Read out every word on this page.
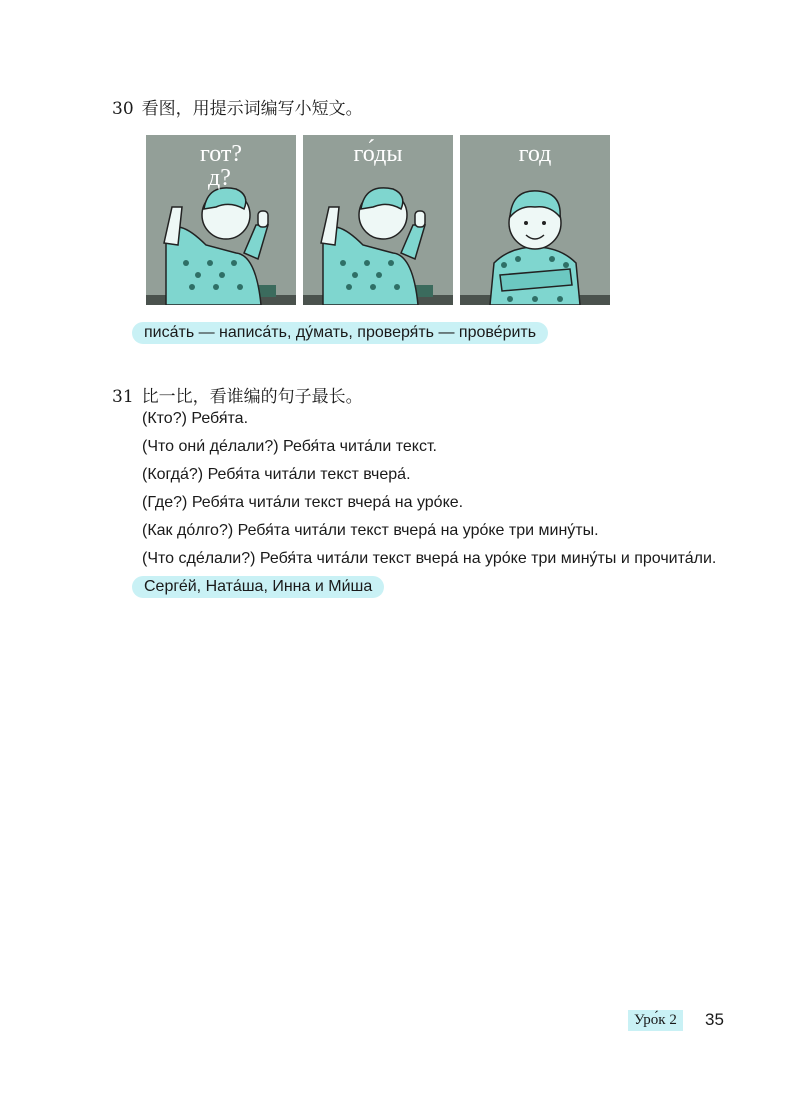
30 看图，用提示词编写小短文。
гот?
д?
го́ды	год
писа́ть — написа́ть, ду́мать, проверя́ть — прове́рить
31 比一比，看谁编的句子最长。
(Кто?) Ребя́та.
(Что они́ де́лали?) Ребя́та чита́ли текст.
(Когда́?) Ребя́та чита́ли текст вчера́.
(Где?) Ребя́та чита́ли текст вчера́ на уро́ке.
(Как до́лго?) Ребя́та чита́ли текст вчера́ на уро́ке три мину́ты.
(Что сде́лали?) Ребя́та чита́ли текст вчера́ на уро́ке три мину́ты и прочита́ли.
Серге́й, Ната́ша, Инна и Ми́ша
Уро́к 2	35
